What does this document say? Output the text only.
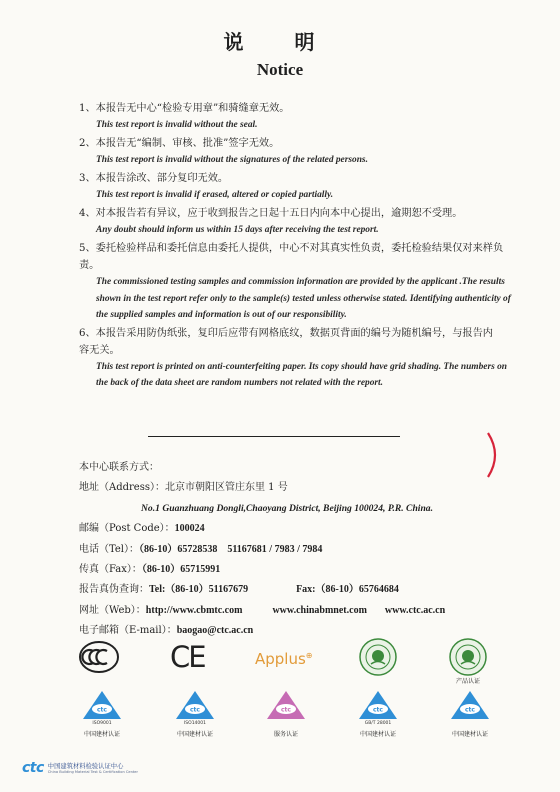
说 明
Notice
1、本报告无中心“检验专用章”和骑缝章无效。
This test report is invalid without the seal.
2、本报告无“编制、审核、批准”签字无效。
This test report is invalid without the signatures of the related persons.
3、本报告涂改、部分复印无效。
This test report is invalid if erased, altered or copied partially.
4、对本报告若有异议，应于收到报告之日起十五日内向本中心提出，逾期恕不受理。
Any doubt should inform us within 15 days after receiving the test report.
5、委托检验样品和委托信息由委托人提供，中心不对其真实性负责，委托检验结果仅对来样负责。
The commissioned testing samples and commission information are provided by the applicant .The results shown in the test report refer only to the sample(s) tested unless otherwise stated. Identifying authenticity of the supplied samples and information is out of our responsibility.
6、本报告采用防伪纸张，复印后应带有网格底纹，数据页背面的编号为随机编号，与报告内容无关。
This test report is printed on anti-counterfeiting paper. Its copy should have grid shading. The numbers on the back of the data sheet are random numbers not related with the report.
本中心联系方式：
地址（Address）：北京市朝阳区管庄东里 1 号
No.1 Guanzhuang Dongli,Chaoyang District, Beijing 100024, P.R. China.
邮编（Post Code）：100024
电话（Tel）：（86-10）65728538　51167681 / 7983 / 7984
传真（Fax）：（86-10）65715991
报告真伪查询：Tel:（86-10）51167679	Fax:（86-10）65764684
网址（Web）：http://www.cbmtc.com	www.chinabmnet.com www.ctc.ac.cn
电子邮箱（E-mail）：baogao@ctc.ac.cn
CE	Applus⊕
产品认证
ctc
ISO9001
中国建材认证
ctc
ISO14001
中国建材认证
ctc
服务认证
ctc
GB/T 28001
中国建材认证
ctc
中国建材认证
ctc 中国建筑材料检验认证中心
China Building Material Test & Certification Center
